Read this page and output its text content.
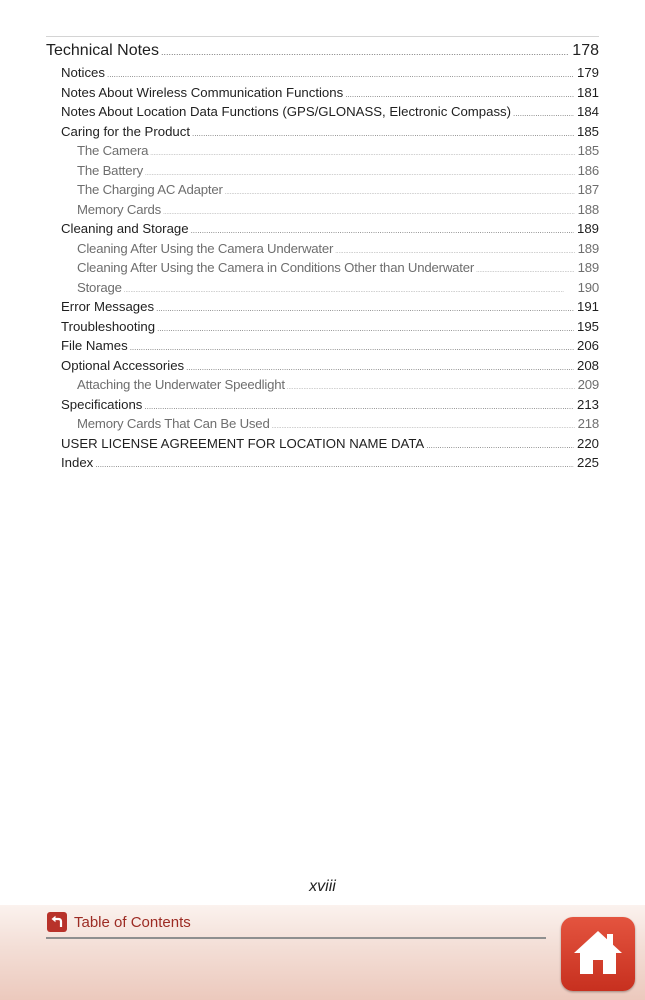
Technical Notes .....	178
Notices .....	179
Notes About Wireless Communication Functions .....	181
Notes About Location Data Functions (GPS/GLONASS, Electronic Compass) .....	184
Caring for the Product .....	185
The Camera .....	185
The Battery .....	186
The Charging AC Adapter .....	187
Memory Cards .....	188
Cleaning and Storage .....	189
Cleaning After Using the Camera Underwater .....	189
Cleaning After Using the Camera in Conditions Other than Underwater .....	189
Storage .....	190
Error Messages .....	191
Troubleshooting .....	195
File Names .....	206
Optional Accessories .....	208
Attaching the Underwater Speedlight .....	209
Specifications .....	213
Memory Cards That Can Be Used .....	218
USER LICENSE AGREEMENT FOR LOCATION NAME DATA .....	220
Index .....	225
xviii
Table of Contents
